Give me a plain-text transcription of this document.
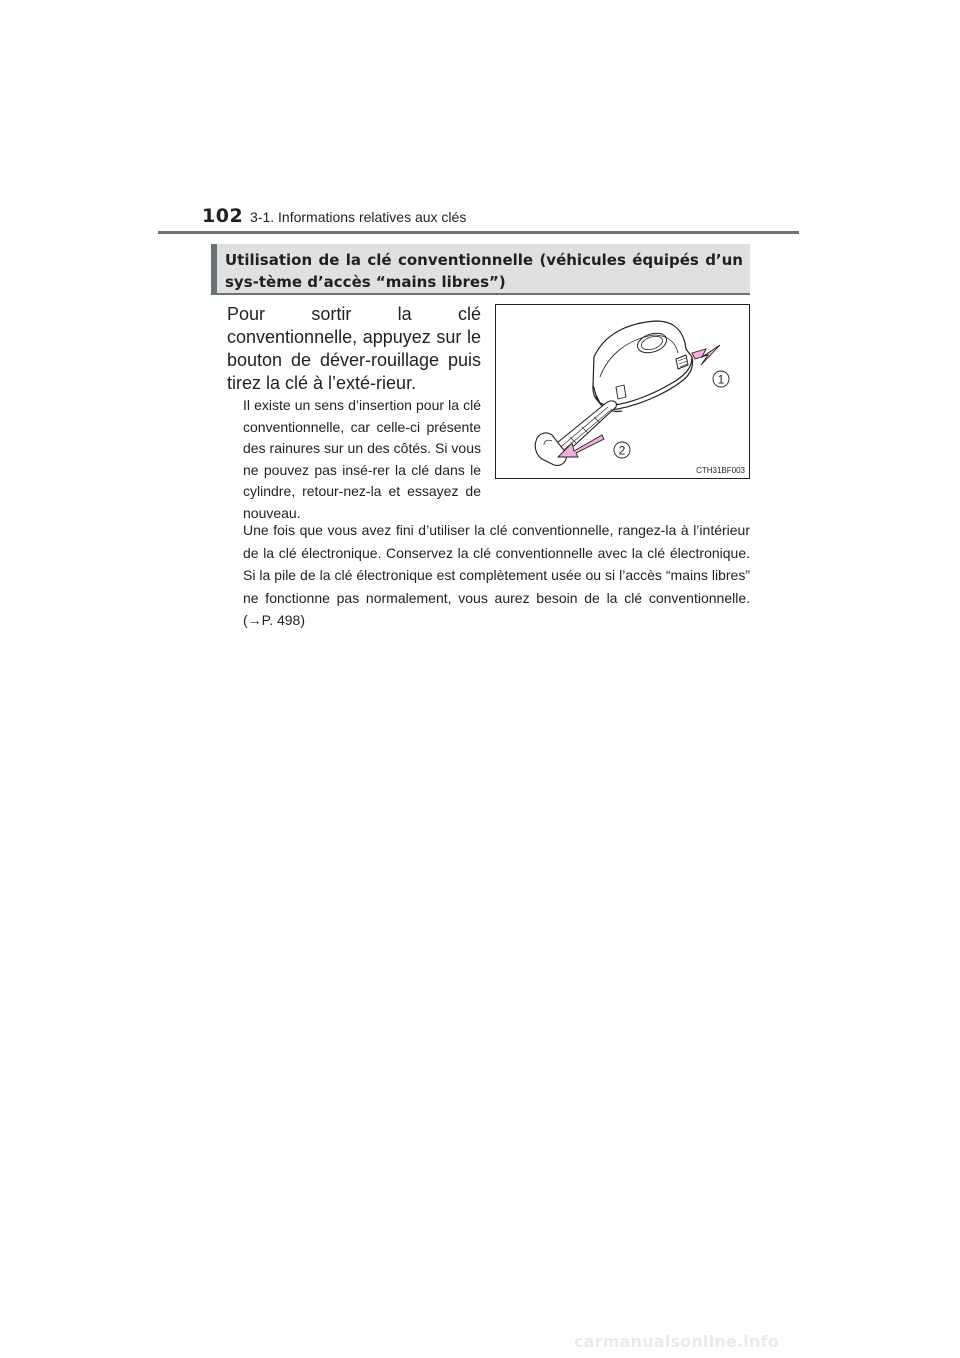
102 3-1. Informations relatives aux clés
Utilisation de la clé conventionnelle (véhicules équipés d’un sys-tème d’accès “mains libres”)
Pour sortir la clé conventionnelle, appuyez sur le bouton de déver-rouillage puis tirez la clé à l’exté-rieur.
Il existe un sens d’insertion pour la clé conventionnelle, car celle-ci présente des rainures sur un des côtés. Si vous ne pouvez pas insé-rer la clé dans le cylindre, retour-nez-la et essayez de nouveau.
Une fois que vous avez fini d’utiliser la clé conventionnelle, rangez-la à l’intérieur de la clé électronique. Conservez la clé conventionnelle avec la clé électronique. Si la pile de la clé électronique est complètement usée ou si l’accès “mains libres” ne fonctionne pas normalement, vous aurez besoin de la clé conventionnelle. (→P. 498)
1
2
CTH31BF003
carmanualsonline.info
